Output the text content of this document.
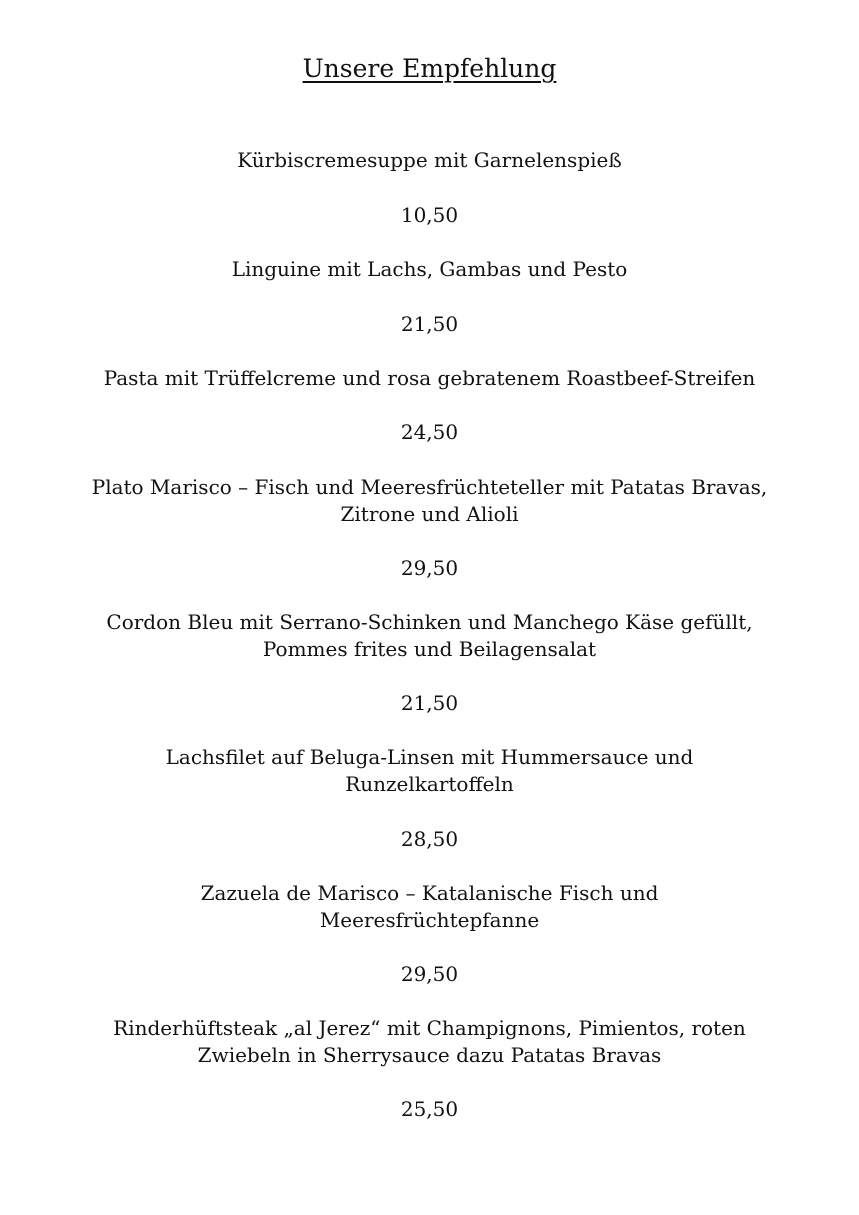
Unsere Empfehlung
Kürbiscremesuppe mit Garnelenspieß
10,50
Linguine mit Lachs, Gambas und Pesto
21,50
Pasta mit Trüffelcreme und rosa gebratenem Roastbeef-Streifen
24,50
Plato Marisco – Fisch und Meeresfrüchteteller mit Patatas Bravas,
Zitrone und Alioli
29,50
Cordon Bleu mit Serrano-Schinken und Manchego Käse gefüllt,
Pommes frites und Beilagensalat
21,50
Lachsfilet auf Beluga-Linsen mit Hummersauce und
Runzelkartoffeln
28,50
Zazuela de Marisco – Katalanische Fisch und
Meeresfrüchtepfanne
29,50
Rinderhüftsteak „al Jerez“ mit Champignons, Pimientos, roten
Zwiebeln in Sherrysauce dazu Patatas Bravas
25,50
